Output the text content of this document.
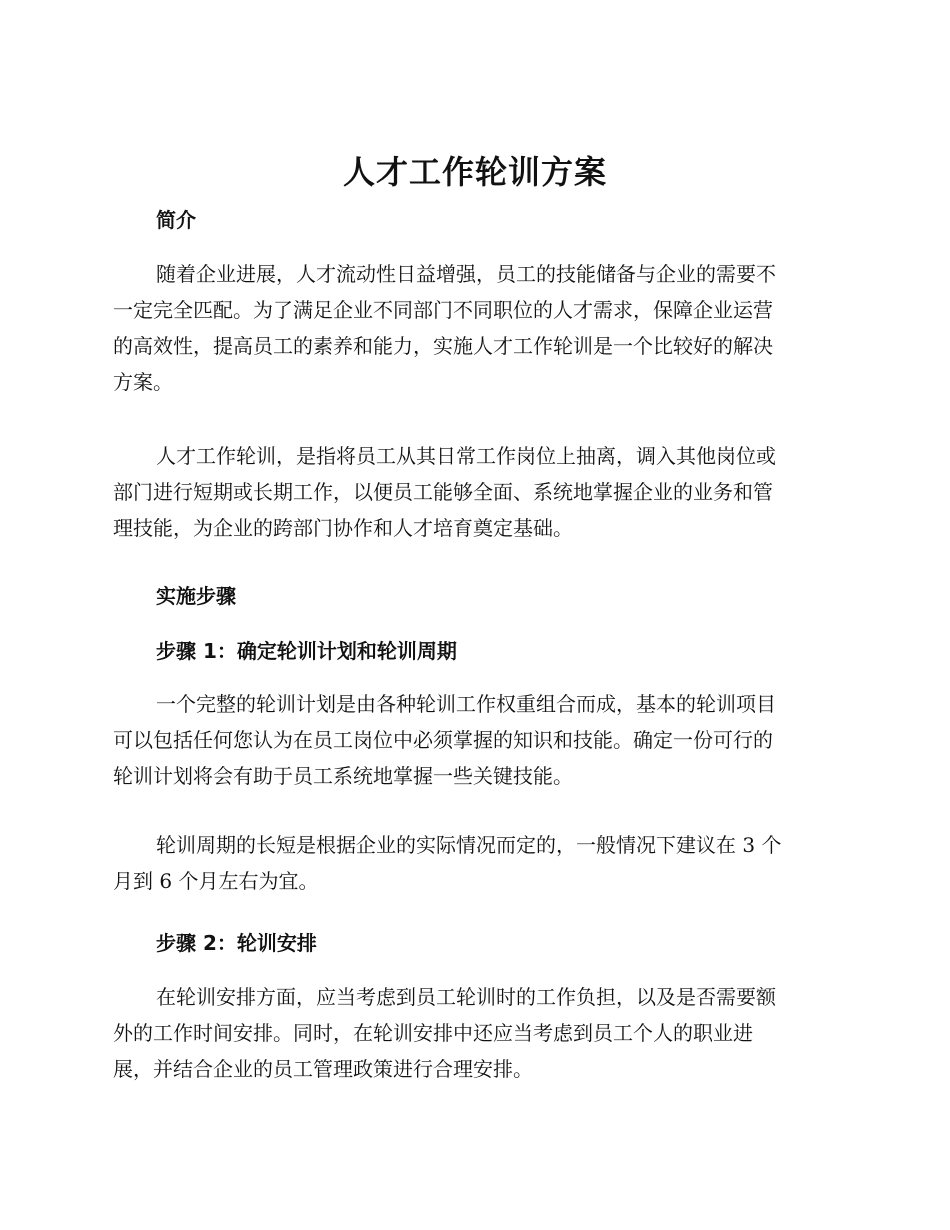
人才工作轮训方案
简介

随着企业进展，人才流动性日益增强，员工的技能储备与企业的需要不
一定完全匹配。为了满足企业不同部门不同职位的人才需求，保障企业运营
的高效性，提高员工的素养和能力，实施人才工作轮训是一个比较好的解决
方案。

人才工作轮训，是指将员工从其日常工作岗位上抽离，调入其他岗位或
部门进行短期或长期工作，以便员工能够全面、系统地掌握企业的业务和管
理技能，为企业的跨部门协作和人才培育奠定基础。

实施步骤
步骤 1：确定轮训计划和轮训周期

一个完整的轮训计划是由各种轮训工作权重组合而成，基本的轮训项目
可以包括任何您认为在员工岗位中必须掌握的知识和技能。确定一份可行的
轮训计划将会有助于员工系统地掌握一些关键技能。

轮训周期的长短是根据企业的实际情况而定的，一般情况下建议在 3 个
月到 6 个月左右为宜。

步骤 2：轮训安排

在轮训安排方面，应当考虑到员工轮训时的工作负担，以及是否需要额
外的工作时间安排。同时，在轮训安排中还应当考虑到员工个人的职业进
展，并结合企业的员工管理政策进行合理安排。
